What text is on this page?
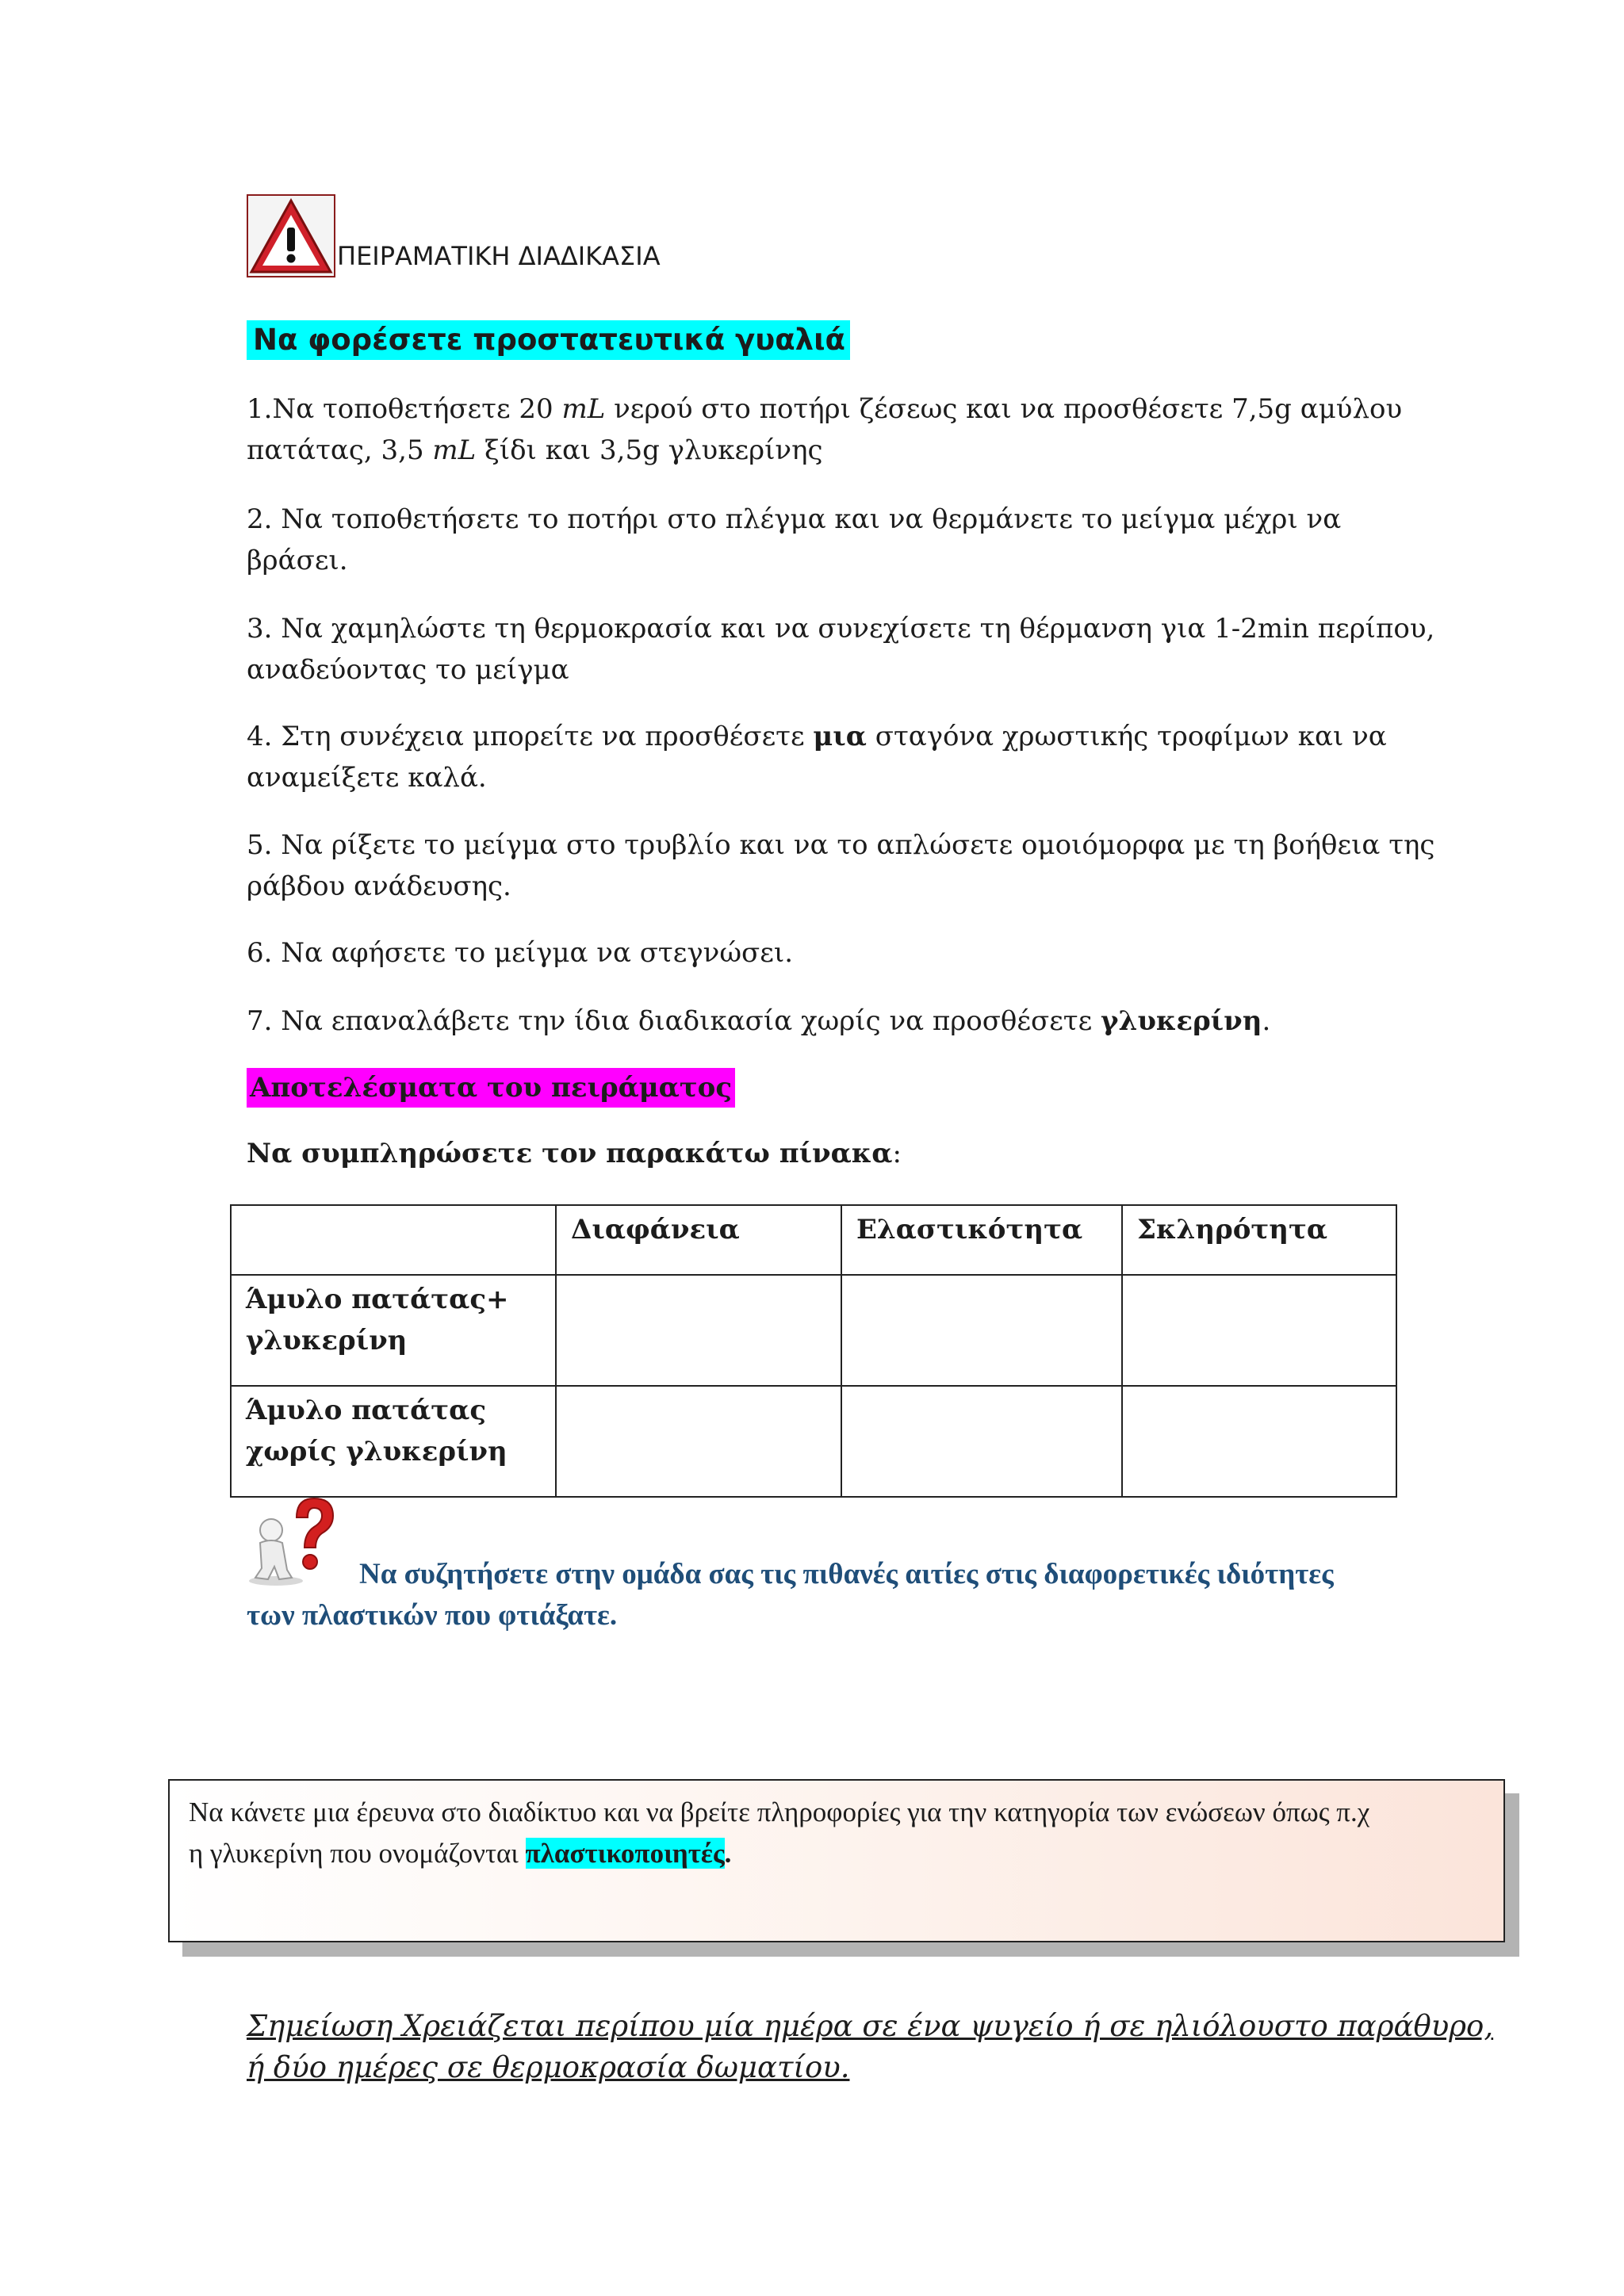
ΠΕΙΡΑΜΑΤΙΚΗ ΔΙΑΔΙΚΑΣΙΑ
Να φορέσετε προστατευτικά γυαλιά
1.Να τοποθετήσετε 20 mL νερού στο ποτήρι ζέσεως και να προσθέσετε 7,5g αμύλου
πατάτας, 3,5 mL ξίδι και 3,5g γλυκερίνης
2. Να τοποθετήσετε το ποτήρι στο πλέγμα και να θερμάνετε το μείγμα μέχρι να
βράσει.
3. Να χαμηλώστε τη θερμοκρασία και να συνεχίσετε τη θέρμανση για 1-2min περίπου,
αναδεύοντας το μείγμα
4. Στη συνέχεια μπορείτε να προσθέσετε μια σταγόνα χρωστικής τροφίμων και να
αναμείξετε καλά.
5. Να ρίξετε το μείγμα στο τρυβλίο και να το απλώσετε ομοιόμορφα με τη βοήθεια της
ράβδου ανάδευσης.
6. Να αφήσετε το μείγμα να στεγνώσει.
7. Να επαναλάβετε την ίδια διαδικασία χωρίς να προσθέσετε γλυκερίνη.
Αποτελέσματα του πειράματος
Να συμπληρώσετε τον παρακάτω πίνακα:
	Διαφάνεια	Ελαστικότητα	Σκληρότητα

Άμυλο πατάτας+
γλυκερίνη			

Άμυλο πατάτας
χωρίς γλυκερίνη			

Να συζητήσετε στην ομάδα σας τις πιθανές αιτίες στις διαφορετικές ιδιότητες
των πλαστικών που φτιάξατε.
Να κάνετε μια έρευνα στο διαδίκτυο και να βρείτε πληροφορίες για την κατηγορία των ενώσεων όπως π.χ
η γλυκερίνη που ονομάζονται πλαστικοποιητές.
Σημείωση Χρειάζεται περίπου μία ημέρα σε ένα ψυγείο ή σε ηλιόλουστο παράθυρο,
ή δύο ημέρες σε θερμοκρασία δωματίου.
